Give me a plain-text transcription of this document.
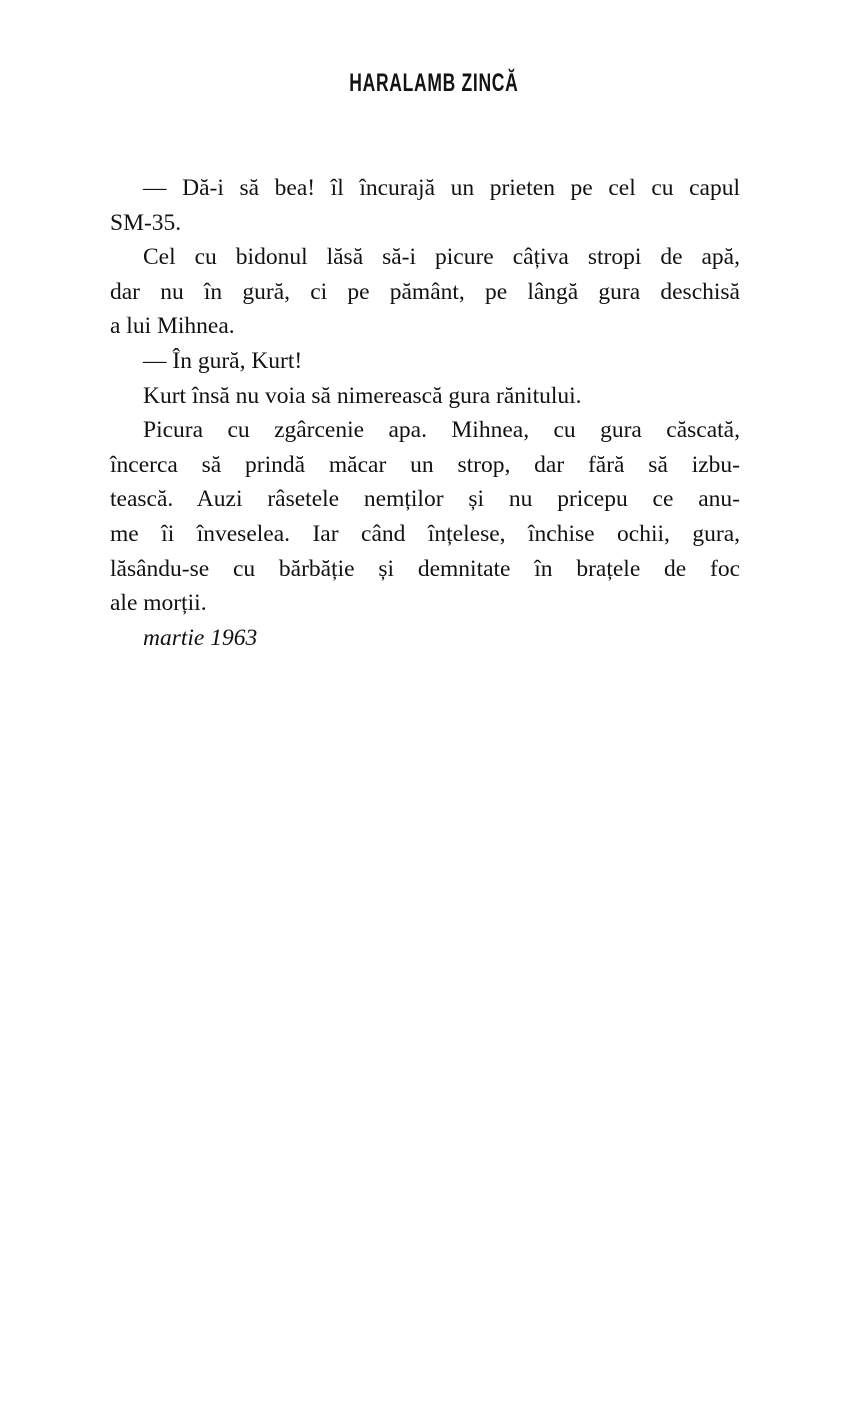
HARALAMB ZINCĂ
— Dă-i să bea! îl încurajă un prieten pe cel cu capul
SM-35.
Cel cu bidonul lăsă să-i picure câțiva stropi de apă,
dar nu în gură, ci pe pământ, pe lângă gura deschisă
a lui Mihnea.
— În gură, Kurt!
Kurt însă nu voia să nimerească gura rănitului.
Picura cu zgârcenie apa. Mihnea, cu gura căscată,
încerca să prindă măcar un strop, dar fără să izbu-
tească. Auzi râsetele nemților și nu pricepu ce anu-
me îi înveselea. Iar când înțelese, închise ochii, gura,
lăsându-se cu bărbăție și demnitate în brațele de foc
ale morții.
martie 1963
